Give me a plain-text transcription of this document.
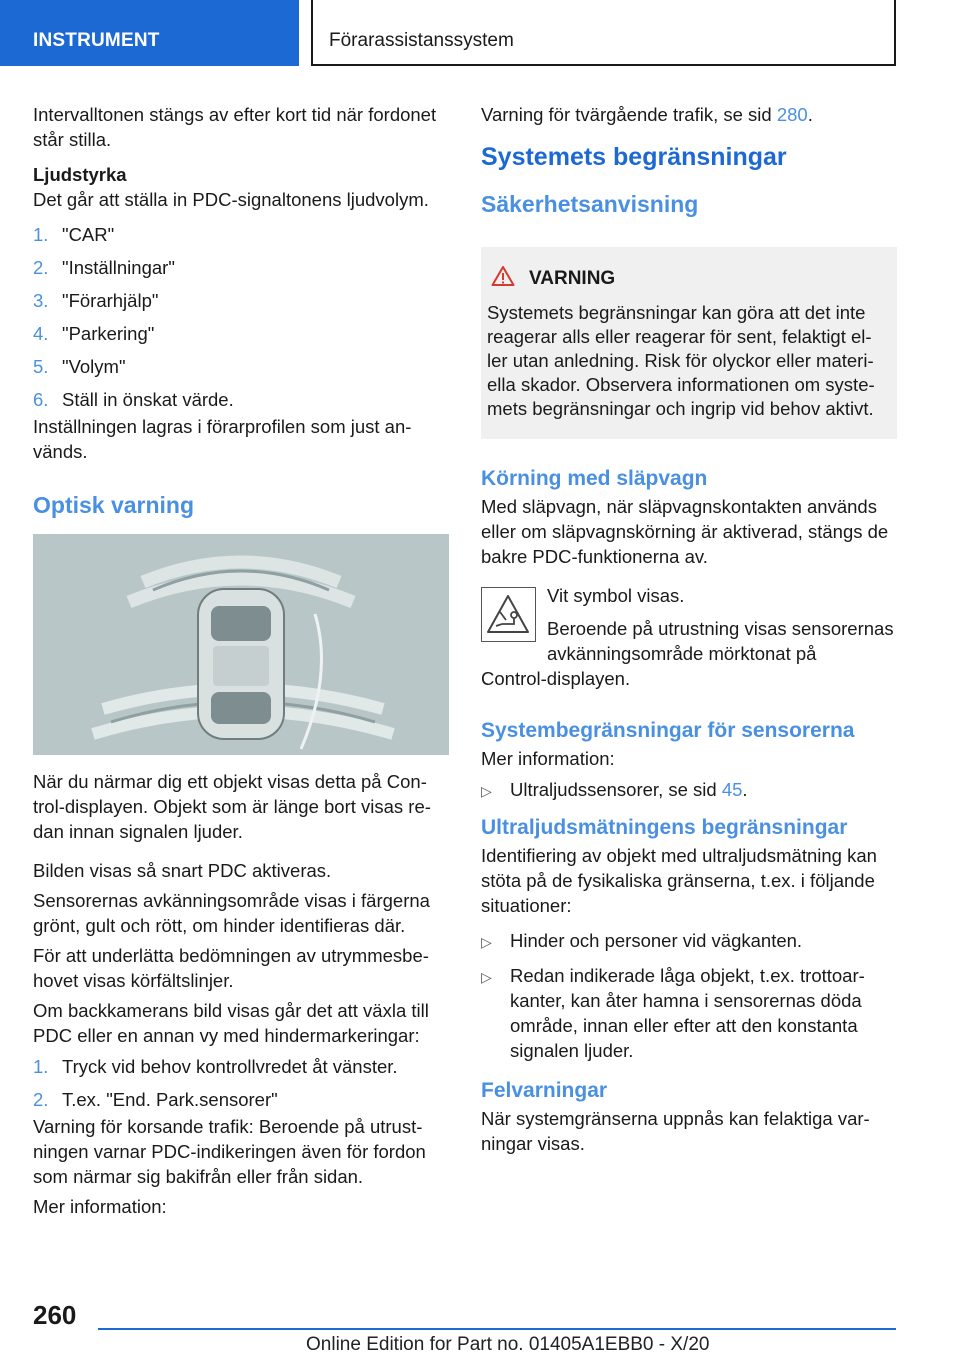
INSTRUMENT	Förarassistanssystem

Intervalltonen stängs av efter kort tid när fordonet står stilla.

Ljudstyrka

Det går att ställa in PDC-signaltonens ljudvolym.

1. "CAR"
2. "Inställningar"
3. "Förarhjälp"
4. "Parkering"
5. "Volym"
6. Ställ in önskat värde.

Inställningen lagras i förarprofilen som just används.

Optisk varning

När du närmar dig ett objekt visas detta på Control-displayen. Objekt som är länge bort visas redan innan signalen ljuder.

Bilden visas så snart PDC aktiveras.

Sensorernas avkänningsområde visas i färgerna grönt, gult och rött, om hinder identifieras där.

För att underlätta bedömningen av utrymmesbehovet visas körfältslinjer.

Om backkamerans bild visas går det att växla till PDC eller en annan vy med hindermarkeringar:

1. Tryck vid behov kontrollvredet åt vänster.
2. T.ex. "End. Park.sensorer"

Varning för korsande trafik: Beroende på utrustningen varnar PDC-indikeringen även för fordon som närmar sig bakifrån eller från sidan.

Mer information:

Varning för tvärgående trafik, se sid 280.

Systemets begränsningar
Säkerhetsanvisning
VARNING

Systemets begränsningar kan göra att det inte reagerar alls eller reagerar för sent, felaktigt eller utan anledning. Risk för olyckor eller materiella skador. Observera informationen om systemets begränsningar och ingrip vid behov aktivt.

Körning med släpvagn

Med släpvagn, när släpvagnskontakten används eller om släpvagnskörning är aktiverad, stängs de bakre PDC-funktionerna av.

Vit symbol visas.

Beroende på utrustning visas sensorernas avkänningsområde mörktonat på

Control-displayen.

Systembegränsningar för sensorerna

Mer information:

▷ Ultraljudssensorer, se sid 45.
Ultraljudsmätningens begränsningar

Identifiering av objekt med ultraljudsmätning kan stöta på de fysikaliska gränserna, t.ex. i följande situationer:

▷ Hinder och personer vid vägkanten.
▷ Redan indikerade låga objekt, t.ex. trottoarkanter, kan åter hamna i sensorernas döda område, innan eller efter att den konstanta signalen ljuder.
Felvarningar

När systemgränserna uppnås kan felaktiga varningar visas.

260
Online Edition for Part no. 01405A1EBB0 - X/20
